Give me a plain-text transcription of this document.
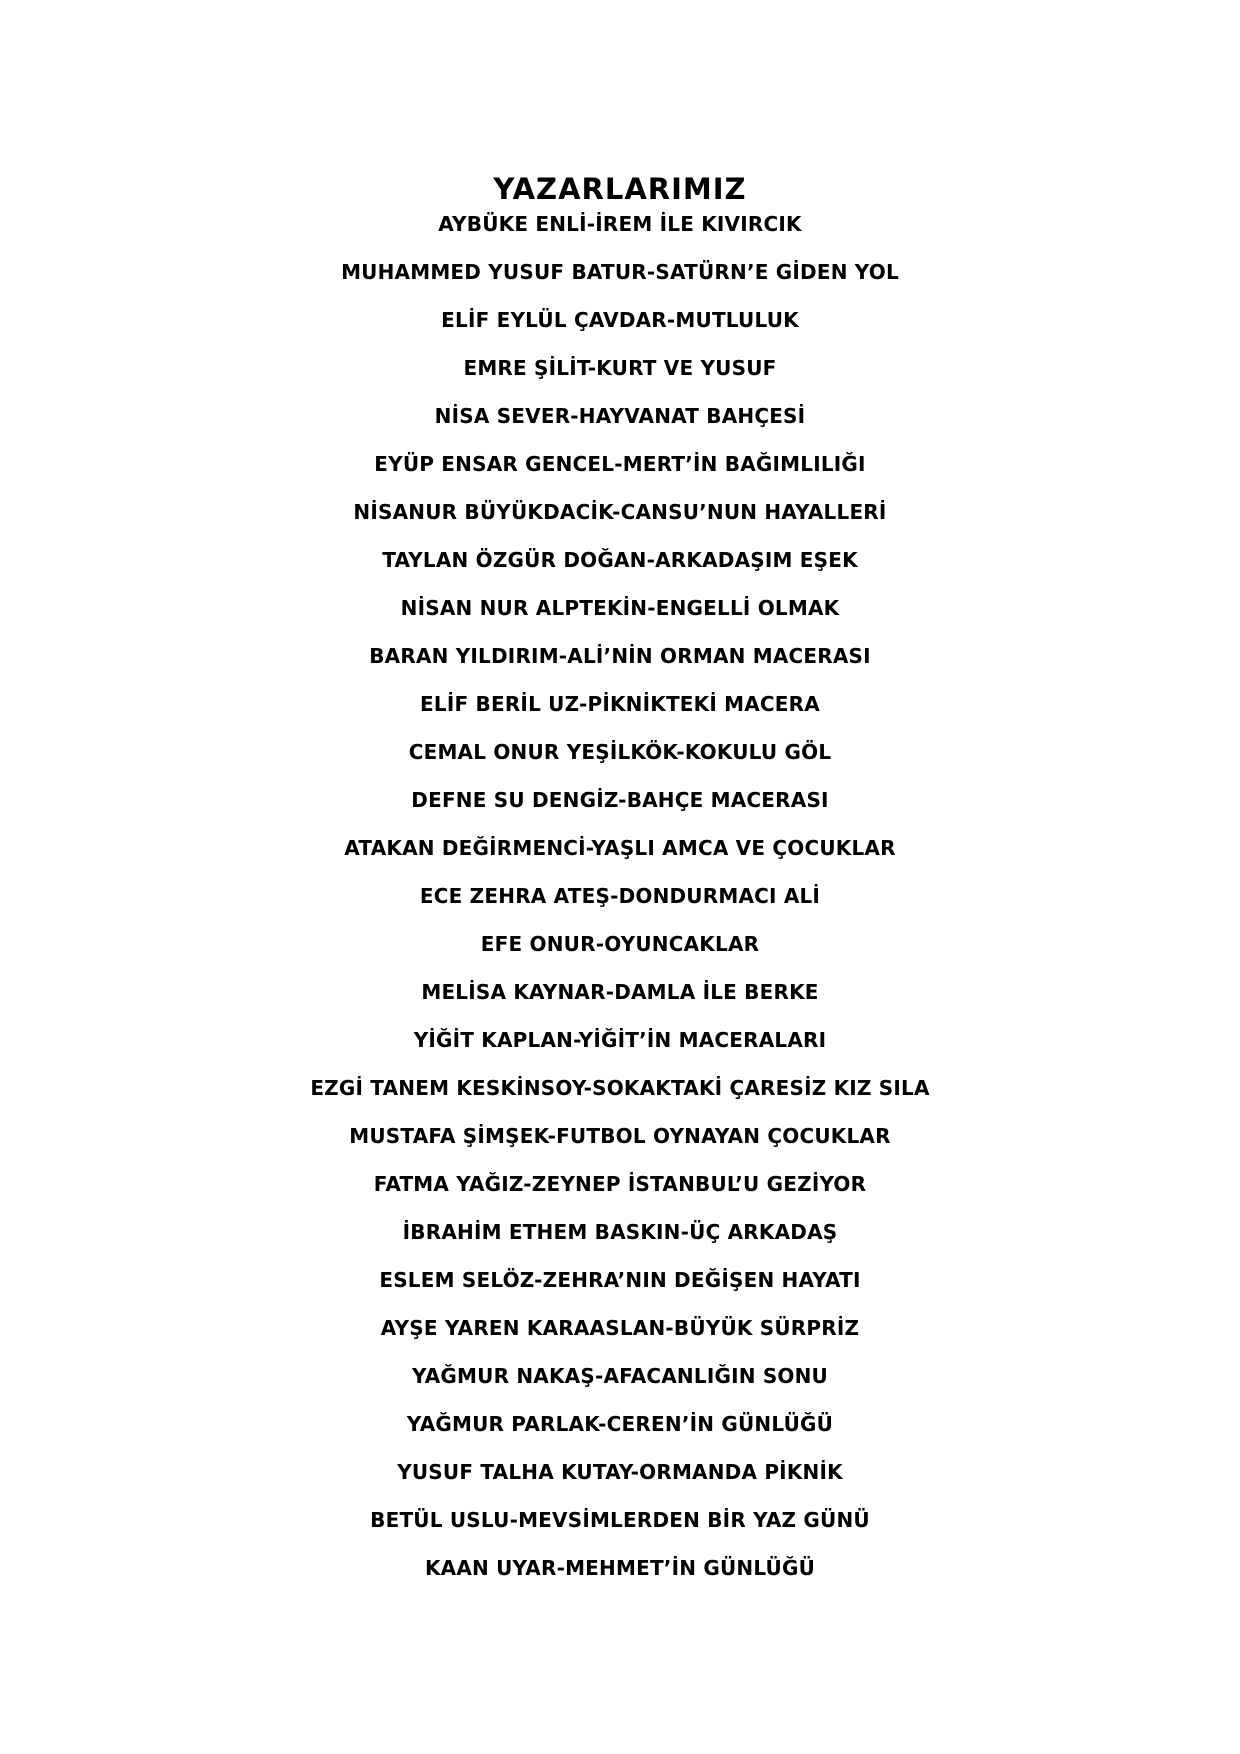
YAZARLARIMIZ
AYBÜKE ENLİ-İREM İLE KIVIRCIK
MUHAMMED YUSUF BATUR-SATÜRN’E GİDEN YOL
ELİF EYLÜL ÇAVDAR-MUTLULUK
EMRE ŞİLİT-KURT VE YUSUF
NİSA SEVER-HAYVANAT BAHÇESİ
EYÜP ENSAR GENCEL-MERT’İN BAĞIMLILIĞI
NİSANUR BÜYÜKDACİK-CANSU’NUN HAYALLERİ
TAYLAN ÖZGÜR DOĞAN-ARKADAŞIM EŞEK
NİSAN NUR ALPTEKİN-ENGELLİ OLMAK
BARAN YILDIRIM-ALİ’NİN ORMAN MACERASI
ELİF BERİL UZ-PİKNİKTEKİ MACERA
CEMAL ONUR YEŞİLKÖK-KOKULU GÖL
DEFNE SU DENGİZ-BAHÇE MACERASI
ATAKAN DEĞİRMENCİ-YAŞLI AMCA VE ÇOCUKLAR
ECE ZEHRA ATEŞ-DONDURMACI ALİ
EFE ONUR-OYUNCAKLAR
MELİSA KAYNAR-DAMLA İLE BERKE
YİĞİT KAPLAN-YİĞİT’İN MACERALARI
EZGİ TANEM KESKİNSOY-SOKAKTAKİ ÇARESİZ KIZ SILA
MUSTAFA ŞİMŞEK-FUTBOL OYNAYAN ÇOCUKLAR
FATMA YAĞIZ-ZEYNEP İSTANBUL’U GEZİYOR
İBRAHİM ETHEM BASKIN-ÜÇ ARKADAŞ
ESLEM SELÖZ-ZEHRA’NIN DEĞİŞEN HAYATI
AYŞE YAREN KARAASLAN-BÜYÜK SÜRPRİZ
YAĞMUR NAKAŞ-AFACANLIĞIN SONU
YAĞMUR PARLAK-CEREN’İN GÜNLÜĞÜ
YUSUF TALHA KUTAY-ORMANDA PİKNİK
BETÜL USLU-MEVSİMLERDEN BİR YAZ GÜNÜ
KAAN UYAR-MEHMET’İN GÜNLÜĞÜ
